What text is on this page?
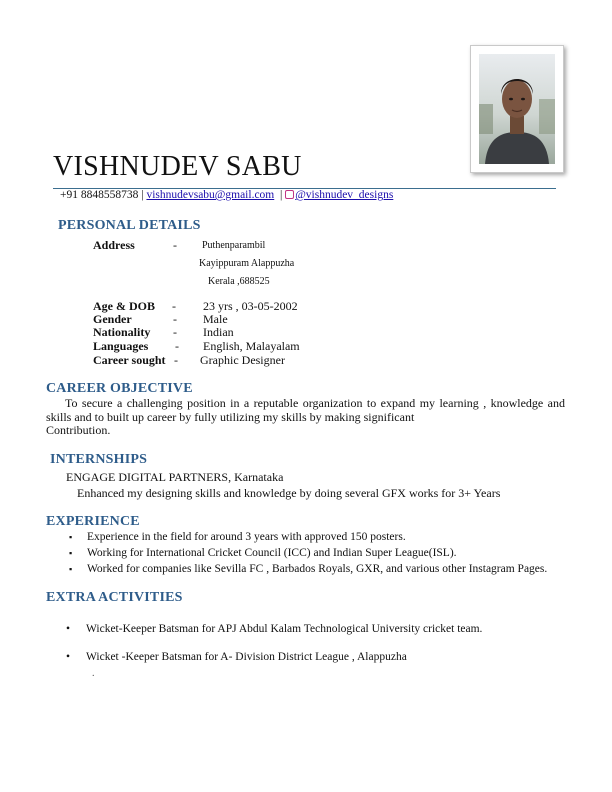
VISHNUDEV SABU
+91 8848558738 | vishnudevsabu@gmail.com | @vishnudev_designs
PERSONAL DETAILS
Address	-	Puthenparambil
Kayippuram Alappuzha
Kerala ,688525
Age & DOB - 23 yrs , 03-05-2002
Gender	- Male
Nationality - Indian
Languages - English, Malayalam
Career sought - Graphic Designer
CAREER OBJECTIVE
To secure a challenging position in a reputable organization to expand my learning , knowledge and
skills and to built up career by fully utilizing my skills by making significant
Contribution.
INTERNSHIPS
ENGAGE DIGITAL PARTNERS, Karnataka
Enhanced my designing skills and knowledge by doing several GFX works for 3+ Years
EXPERIENCE
▪ Experience in the field for around 3 years with approved 150 posters.
▪ Working for International Cricket Council (ICC) and Indian Super League(ISL).
▪ Worked for companies like Sevilla FC , Barbados Royals, GXR, and various other Instagram Pages.
EXTRA ACTIVITIES
• Wicket-Keeper Batsman for APJ Abdul Kalam Technological University cricket team.
• Wicket -Keeper Batsman for A- Division District League , Alappuzha
.
